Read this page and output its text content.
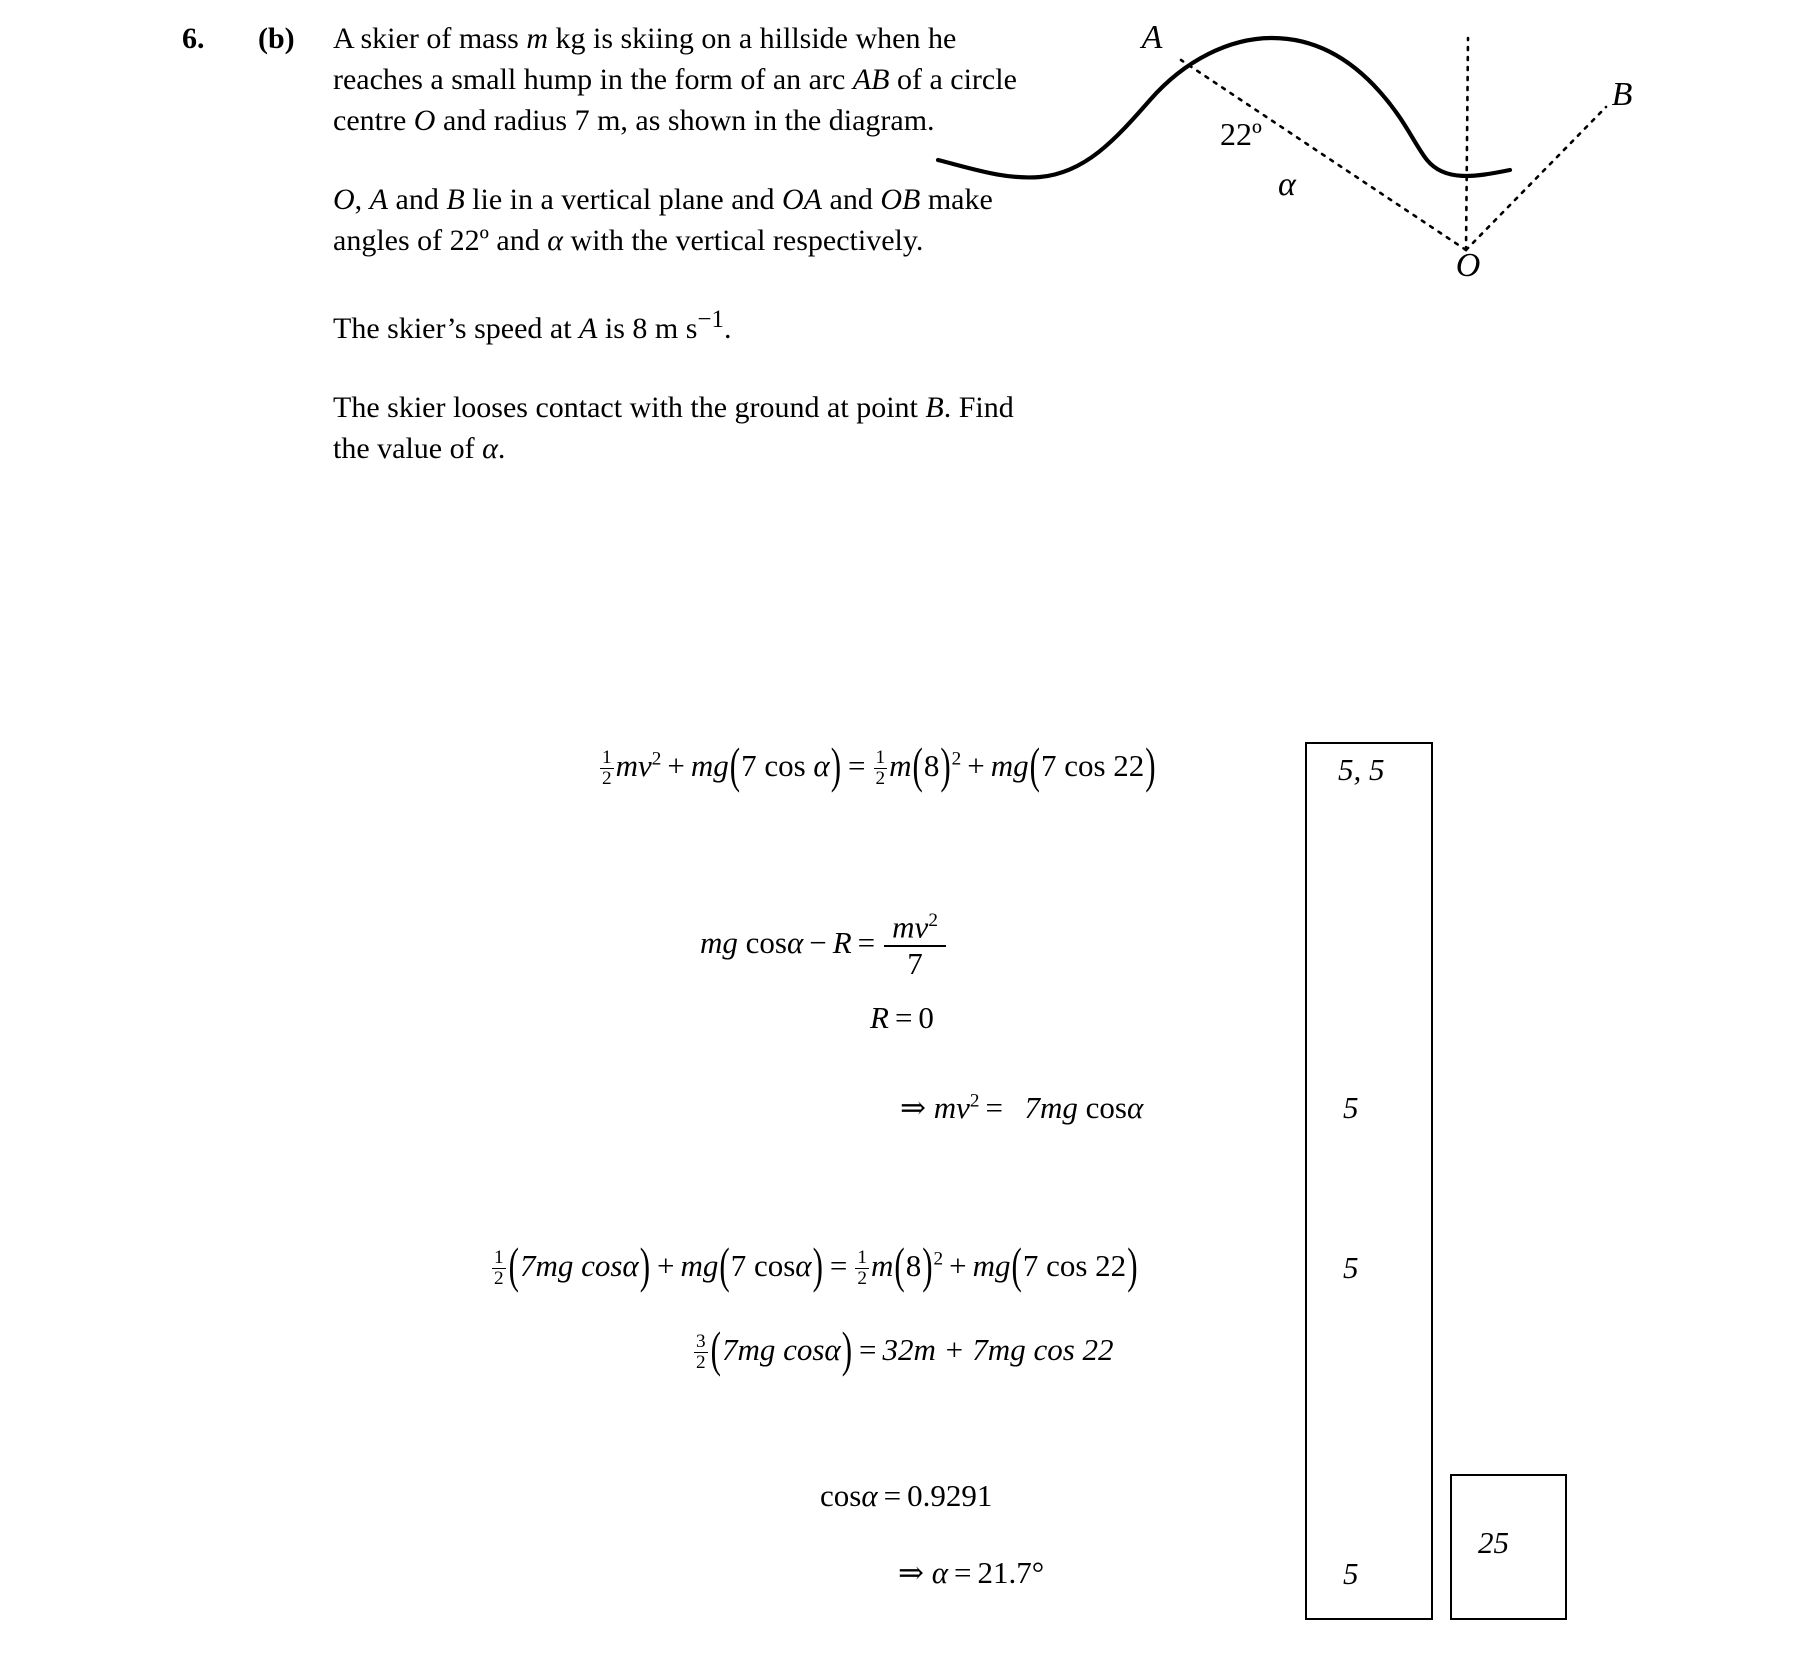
6. (b) A skier of mass m kg is skiing on a hillside when he reaches a small hump in the form of an arc AB of a circle centre O and radius 7 m, as shown in the diagram.

O, A and B lie in a vertical plane and OA and OB make angles of 22º and α with the vertical respectively.

The skier’s speed at A is 8 m $s^{-1}$.

The skier looses contact with the ground at point B. Find the value of α.

A
B
O
22º
α
$\frac{1}{2} mv^2 + mg(7$ $\cos \alpha) = \frac{1}{2} m(8)^2 + mg(7$ cos 22)
mg $\cos\alpha - R = \frac{mv^2}{7}$
R = 0
⇒ $mv^2 = 7mg$ cosα
$\frac{1}{2} (7mg$ cosα) + mg(7 $\cos\alpha) = \frac{1}{2} m(8)^2 + mg(7$ cos 22)
$\frac{3}{2} (7mg$ cosα) = 32m + 7mg cos 22
cosα = 0.9291
⇒ α = 21.7°
5, 5
5
5
5
25
